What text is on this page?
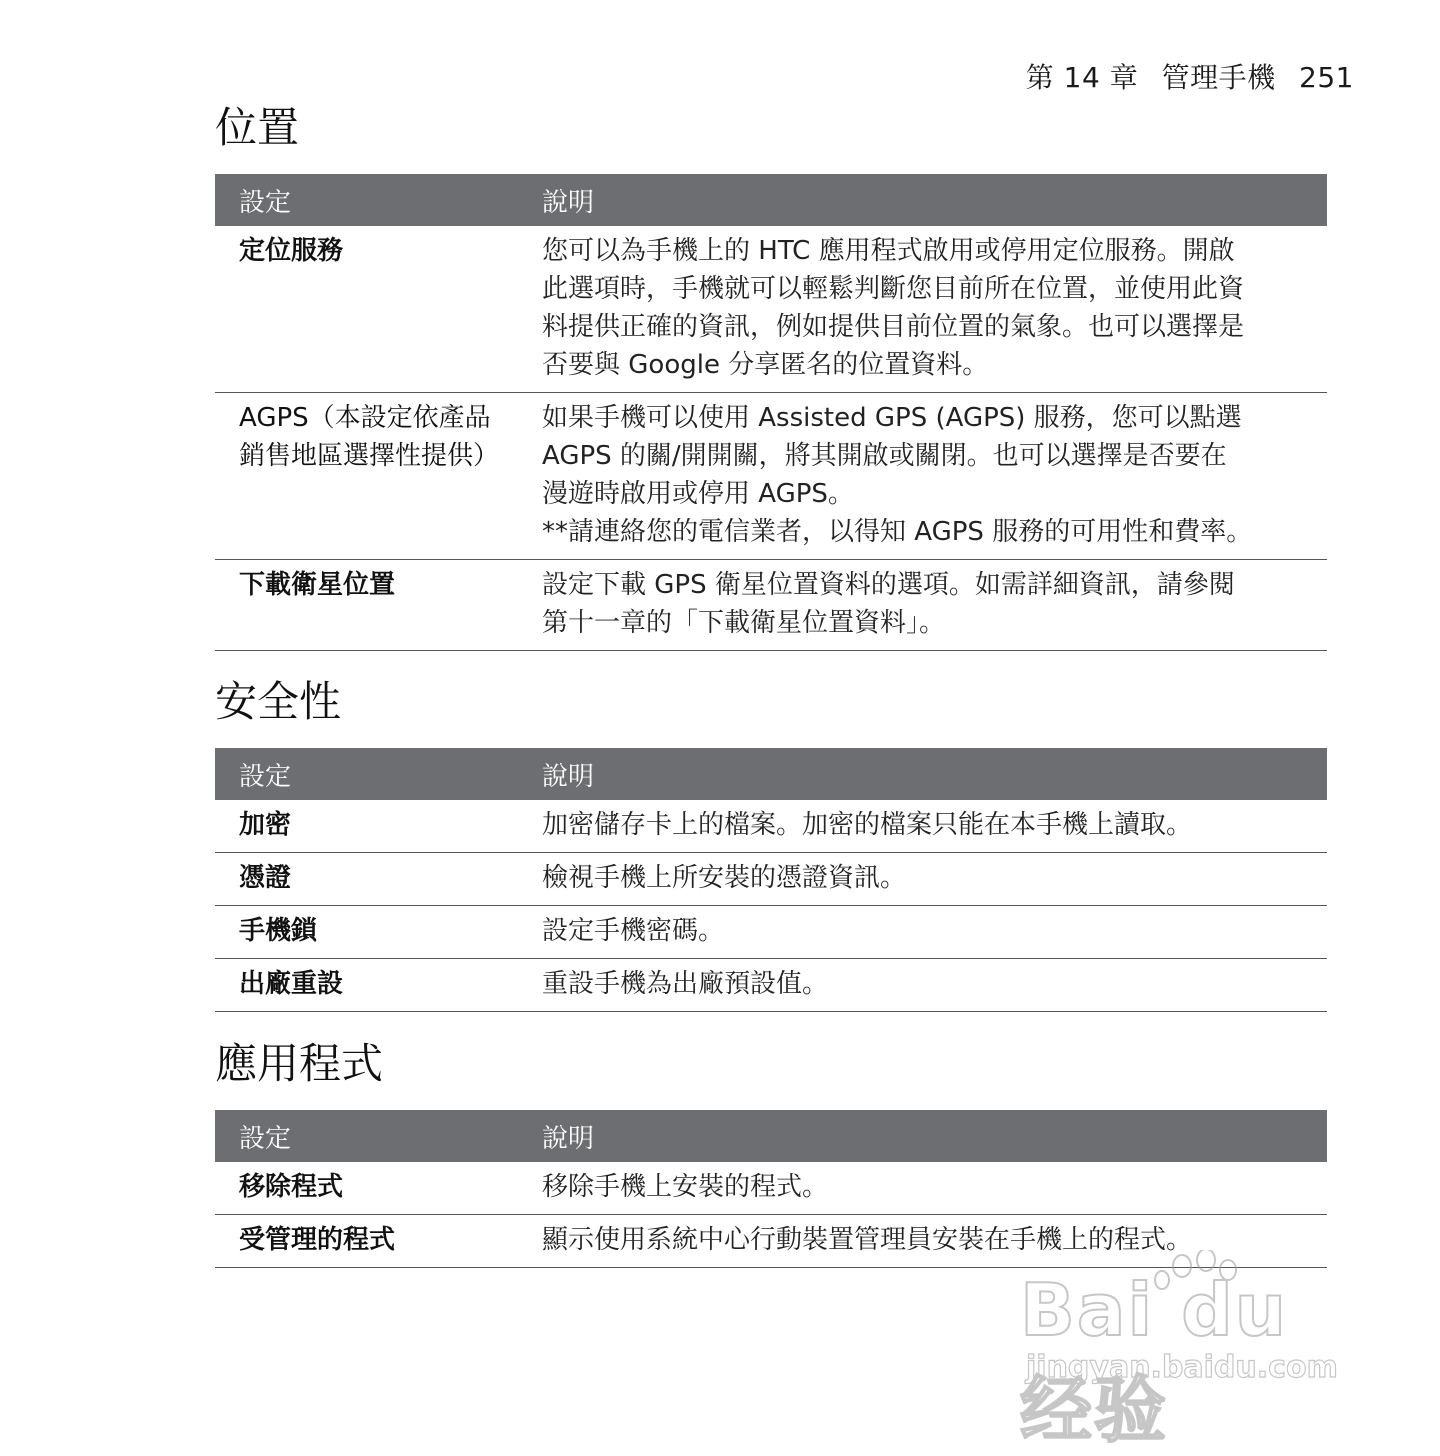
第 14 章 管理手機 251
位置
設定	說明
定位服務	您可以為手機上的 HTC 應用程式啟用或停用定位服務。開啟
此選項時，手機就可以輕鬆判斷您目前所在位置，並使用此資
料提供正確的資訊，例如提供目前位置的氣象。也可以選擇是
否要與 Google 分享匿名的位置資料。

AGPS（本設定依產品銷售地區選擇性提供）	如果手機可以使用 Assisted GPS (AGPS) 服務，您可以點選
AGPS 的關/開開關，將其開啟或關閉。也可以選擇是否要在
漫遊時啟用或停用 AGPS。
**請連絡您的電信業者，以得知 AGPS 服務的可用性和費率。

下載衛星位置	設定下載 GPS 衛星位置資料的選項。如需詳細資訊，請參閱
第十一章的「下載衛星位置資料」。
安全性
設定	說明
加密	加密儲存卡上的檔案。加密的檔案只能在本手機上讀取。
憑證	檢視手機上所安裝的憑證資訊。
手機鎖	設定手機密碼。
出廠重設	重設手機為出廠預設值。
應用程式
設定	說明
移除程式	移除手機上安裝的程式。
受管理的程式	顯示使用系統中心行動裝置管理員安裝在手機上的程式。
Bai du 经验
jingyan.baidu.com
